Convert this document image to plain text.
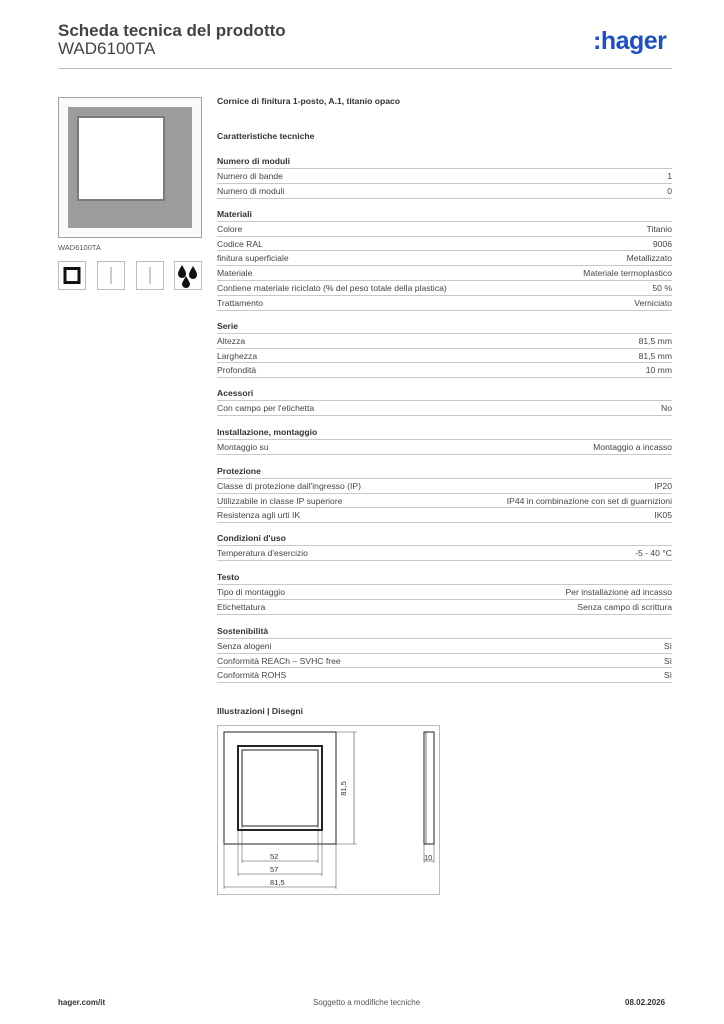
Scheda tecnica del prodotto
WAD6100TA	:hager
WAD6100TA
Cornice di finitura 1-posto, A.1, titanio opaco
Caratteristiche tecniche
Numero di moduli
Numero di bande	1
Numero di moduli	0
Materiali
Colore	Titanio
Codice RAL	9006
finitura superficiale	Metallizzato
Materiale	Materiale termoplastico
Contiene materiale riciclato (% del peso totale della plastica)	50 %
Trattamento	Verniciato
Serie
Altezza	81,5 mm
Larghezza	81,5 mm
Profondità	10 mm
Acessori
Con campo per l'etichetta	No
Installazione, montaggio
Montaggio su	Montaggio a incasso
Protezione
Classe di protezione dall'ingresso (IP)	IP20
Utilizzabile in classe IP superiore	IP44 in combinazione con set di guarnizioni
Resistenza agli urti IK	IK05
Condizioni d'uso
Temperatura d'esercizio	-5 - 40 °C
Testo
Tipo di montaggio	Per installazione ad incasso
Etichettatura	Senza campo di scrittura
Sostenibilità
Senza alogeni	Sì
Conformità REACh – SVHC free	Sì
Conformità ROHS	Sì
Illustrazioni | Disegni
52
57
81,5
81,5
10
hager.com/it	Soggetto a modifiche tecniche	08.02.2026
